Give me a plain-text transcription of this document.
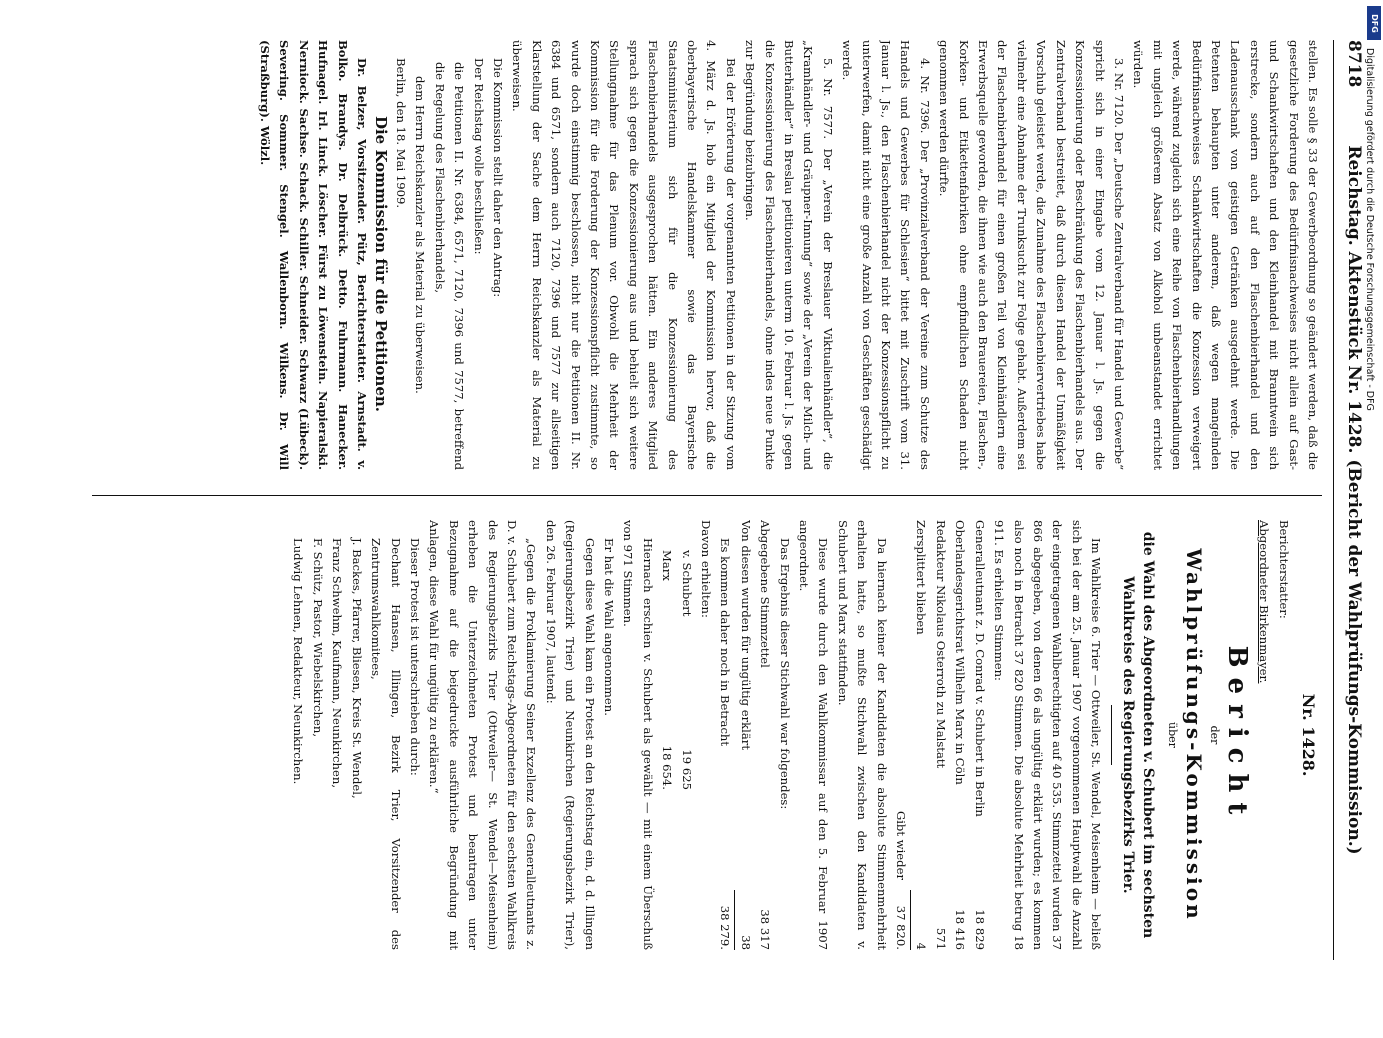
8718
Reichstag. Aktenstück Nr. 1428. (Bericht der Wahlprüfungs-Kommission.)

stellen. Es solle § 33 der Gewerbeordnung so geändert werden, daß die gesetzliche Forderung des Bedürfnisnachweises nicht allein auf Gast- und Schankwirtschaften und den Kleinhandel mit Branntwein sich erstrecke, sondern auch auf den Flaschenbierhandel und den Ladenausschank von geistigen Getränken ausgedehnt werde. Die Petenten behaupten unter anderem, daß wegen mangelnden Bedürfnisnachweises Schankwirtschaften die Konzession verweigert werde, während zugleich sich eine Reihe von Flaschenbierhandlungen mit ungleich größerem Absatz von Alkohol unbeanstandet errichtet würden.

3. Nr. 7120. Der „Deutsche Zentralverband für Handel und Gewerbe“ spricht sich in einer Eingabe vom 12. Januar l. Js. gegen die Konzessionierung oder Beschränkung des Flaschenbierhandels aus. Der Zentralverband bestreitet, daß durch diesen Handel der Unmäßigkeit Vorschub geleistet werde, die Zunahme des Flaschenbiervertriebes habe vielmehr eine Abnahme der Trunksucht zur Folge gehabt. Außerdem sei der Flaschenbierhandel für einen großen Teil von Kleinhändlern eine Erwerbsquelle geworden, die ihnen wie auch den Brauereien, Flaschen-, Korken- und Etikettenfabriken ohne empfindlichen Schaden nicht genommen werden dürfte.

4. Nr. 7396. Der „Provinzialverband der Vereine zum Schutze des Handels und Gewerbes für Schlesien“ bittet mit Zuschrift vom 31. Januar l. Js., den Flaschenbierhandel nicht der Konzessionspflicht zu unterwerfen, damit nicht eine große Anzahl von Geschäften geschädigt werde.

5. Nr. 7577. Der „Verein der Breslauer Viktualienhändler“, die „Kramhändler- und Gräupner-Innung“ sowie der „Verein der Milch- und Butterhändler“ in Breslau petitionieren unterm 10. Februar l. Js. gegen die Konzessionierung des Flaschenbierhandels, ohne indes neue Punkte zur Begründung beizubringen.

Bei der Erörterung der vorgenannten Petitionen in der Sitzung vom 4. März d. Js. hob ein Mitglied der Kommission hervor, daß die oberbayerische Handelskammer sowie das Bayerische Staatsministerium sich für die Konzessionierung des Flaschenbierhandels ausgesprochen hätten. Ein anderes Mitglied sprach sich gegen die Konzessionierung aus und behielt sich weitere Stellungnahme für das Plenum vor. Obwohl die Mehrheit der Kommission für die Forderung der Konzessionspflicht zustimmte, so wurde doch einstimmig beschlossen, nicht nur die Petitionen II. Nr. 6384 und 6571, sondern auch 7120, 7396 und 7577 zur allseitigen Klarstellung der Sache dem Herrn Reichskanzler als Material zu überweisen.

Die Kommission stellt daher den Antrag:

Der Reichstag wolle beschließen:

die Petitionen II. Nr. 6384, 6571, 7120, 7396 und 7577, betreffend die Regelung des Flaschenbierhandels,

dem Herrn Reichskanzler als Material zu überweisen.

Berlin, den 18. Mai 1909.

Die Kommission für die Petitionen.

Dr. Belzer, Vorsitzender. Pütz, Berichterstatter. Arnstadt. v. Bolko. Brandys. Dr. Delbrück. Detto. Fuhrmann. Hanecker. Hufnagel. Irl. Linck. Löscher. Fürst zu Löwenstein. Napieralski. Nerniock. Sachse. Schack. Schiller. Schneider. Schwarz (Lübeck). Severing. Sommer. Stengel. Wallenborn. Wilkens. Dr. Will (Straßburg). Wölzl.

Nr. 1428.

Berichterstatter:

Abgeordneter Birkenmayer.

Bericht
der
Wahlprüfungs-Kommission
über
die Wahl des Abgeordneten v. Schubert im sechsten Wahlkreise des Regierungsbezirks Trier.

Im Wahlkreise 6. Trier — Ottweiler, St. Wendel, Meisenheim — beließ sich bei der am 25. Januar 1907 vorgenommenen Hauptwahl die Anzahl der eingetragenen Wahlberechtigten auf 40 535. Stimmzettel wurden 37 866 abgegeben, von denen 66 als ungültig erklärt wurden; es kommen also noch in Betracht 37 820 Stimmen. Die absolute Mehrheit betrug 18 911. Es erhielten Stimmen:

Generalleutnant z. D. Conrad v. Schubert in Berlin
18 829
Oberlandesgerichtsrat Wilhelm Marx in Cöln
18 416
Redakteur Nikolaus Osterroth zu Malstatt
571
Zersplittert blieben
4
Gibt wieder
37 820.

Da hiernach keiner der Kandidaten die absolute Stimmenmehrheit erhalten hatte, so mußte Stichwahl zwischen den Kandidaten v. Schubert und Marx stattfinden.

Diese wurde durch den Wahlkommissar auf den 5. Februar 1907 angeordnet.

Das Ergebnis dieser Stichwahl war folgendes:

Abgegebene Stimmzettel
38 317
Von diesen wurden für ungültig erklärt
38
Es kommen daher noch in Betracht
38 279.

Davon erhielten:

v. Schubert
19 625
Marx
18 654.

Hiernach erschien v. Schubert als gewählt — mit einem Überschuß von 971 Stimmen.

Er hat die Wahl angenommen.

Gegen diese Wahl kam ein Protest an den Reichstag ein, d. d. Illingen (Regierungsbezirk Trier) und Neunkirchen (Regierungsbezirk Trier), den 26. Februar 1907, lautend:

„Gegen die Proklamierung Seiner Exzellenz des Generalleutnants z. D. v. Schubert zum Reichstags-Abgeordneten für den sechsten Wahlkreis des Regierungsbezirks Trier (Ottweiler— St. Wendel—Meisenheim) erheben die Unterzeichneten Protest und beantragen unter Bezugnahme auf die beigedruckte ausführliche Begründung mit Anlagen, diese Wahl für ungültig zu erklären.“

Dieser Protest ist unterschrieben durch:

Dechant Hansen, Illingen, Bezirk Trier, Vorsitzender des Zentrumswahlkomitees,

J. Backes, Pfarrer, Bliesen, Kreis St. Wendel,

Franz Schwehm, Kaufmann, Neunkirchen,

F. Schütz, Pastor, Wiebelskirchen,

Ludwig Lehnen, Redakteur, Neunkirchen.

DFG
Digitalisierung gefördert durch die Deutsche Forschungsgemeinschaft - DFG
